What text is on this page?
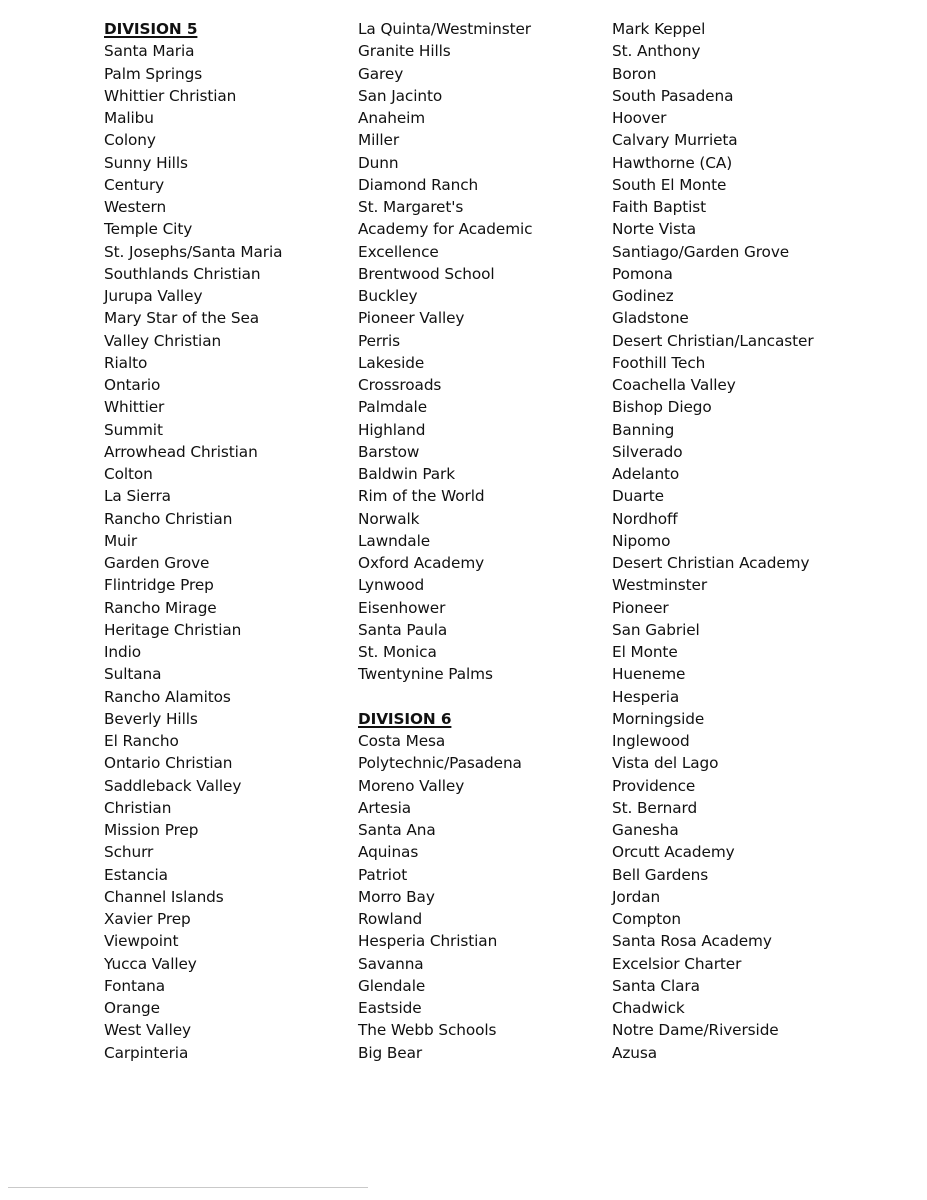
DIVISION 5
Santa Maria
Palm Springs
Whittier Christian
Malibu
Colony
Sunny Hills
Century
Western
Temple City
St. Josephs/Santa Maria
Southlands Christian
Jurupa Valley
Mary Star of the Sea
Valley Christian
Rialto
Ontario
Whittier
Summit
Arrowhead Christian
Colton
La Sierra
Rancho Christian
Muir
Garden Grove
Flintridge Prep
Rancho Mirage
Heritage Christian
Indio
Sultana
Rancho Alamitos
Beverly Hills
El Rancho
Ontario Christian
Saddleback Valley
Christian
Mission Prep
Schurr
Estancia
Channel Islands
Xavier Prep
Viewpoint
Yucca Valley
Fontana
Orange
West Valley
Carpinteria
La Quinta/Westminster
Granite Hills
Garey
San Jacinto
Anaheim
Miller
Dunn
Diamond Ranch
St. Margaret's
Academy for Academic
Excellence
Brentwood School
Buckley
Pioneer Valley
Perris
Lakeside
Crossroads
Palmdale
Highland
Barstow
Baldwin Park
Rim of the World
Norwalk
Lawndale
Oxford Academy
Lynwood
Eisenhower
Santa Paula
St. Monica
Twentynine Palms
DIVISION 6
Costa Mesa
Polytechnic/Pasadena
Moreno Valley
Artesia
Santa Ana
Aquinas
Patriot
Morro Bay
Rowland
Hesperia Christian
Savanna
Glendale
Eastside
The Webb Schools
Big Bear
Mark Keppel
St. Anthony
Boron
South Pasadena
Hoover
Calvary Murrieta
Hawthorne (CA)
South El Monte
Faith Baptist
Norte Vista
Santiago/Garden Grove
Pomona
Godinez
Gladstone
Desert Christian/Lancaster
Foothill Tech
Coachella Valley
Bishop Diego
Banning
Silverado
Adelanto
Duarte
Nordhoff
Nipomo
Desert Christian Academy
Westminster
Pioneer
San Gabriel
El Monte
Hueneme
Hesperia
Morningside
Inglewood
Vista del Lago
Providence
St. Bernard
Ganesha
Orcutt Academy
Bell Gardens
Jordan
Compton
Santa Rosa Academy
Excelsior Charter
Santa Clara
Chadwick
Notre Dame/Riverside
Azusa
